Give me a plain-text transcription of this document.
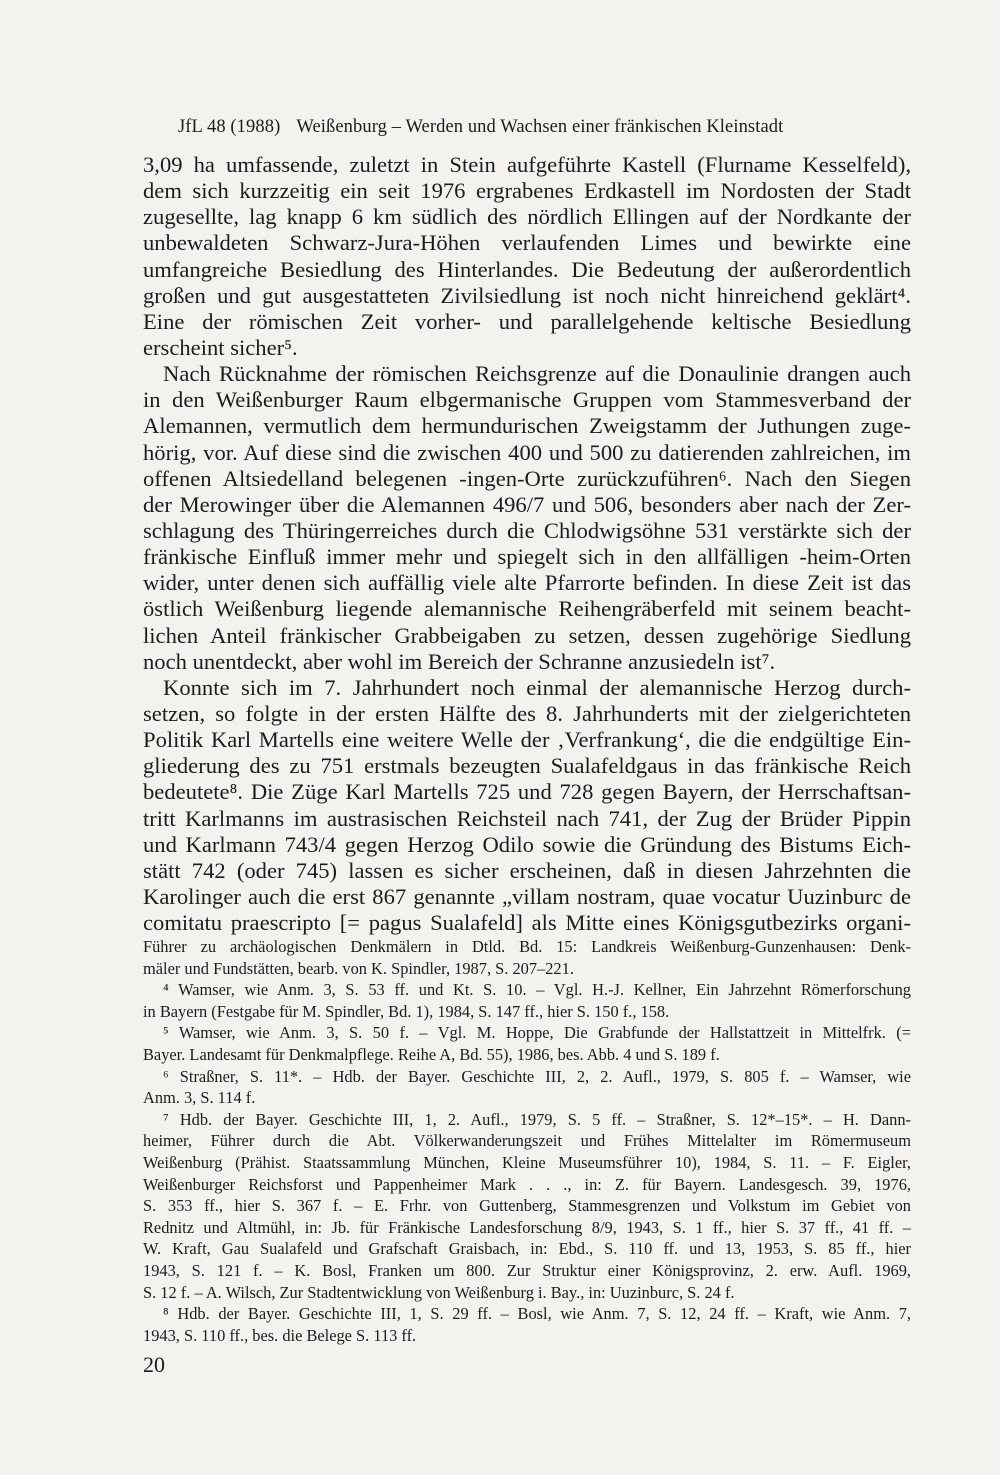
JfL 48 (1988) Weißenburg – Werden und Wachsen einer fränkischen Kleinstadt
3,09 ha umfassende, zuletzt in Stein aufgeführte Kastell (Flurname Kesselfeld),
dem sich kurzzeitig ein seit 1976 ergrabenes Erdkastell im Nordosten der Stadt
zugesellte, lag knapp 6 km südlich des nördlich Ellingen auf der Nordkante der
unbewaldeten Schwarz-Jura-Höhen verlaufenden Limes und bewirkte eine
umfangreiche Besiedlung des Hinterlandes. Die Bedeutung der außerordentlich
großen und gut ausgestatteten Zivilsiedlung ist noch nicht hinreichend geklärt⁴.
Eine der römischen Zeit vorher- und parallelgehende keltische Besiedlung
erscheint sicher⁵.
Nach Rücknahme der römischen Reichsgrenze auf die Donaulinie drangen auch
in den Weißenburger Raum elbgermanische Gruppen vom Stammesverband der
Alemannen, vermutlich dem hermundurischen Zweigstamm der Juthungen zuge-
hörig, vor. Auf diese sind die zwischen 400 und 500 zu datierenden zahlreichen, im
offenen Altsiedelland belegenen -ingen-Orte zurückzuführen⁶. Nach den Siegen
der Merowinger über die Alemannen 496/7 und 506, besonders aber nach der Zer-
schlagung des Thüringerreiches durch die Chlodwigsöhne 531 verstärkte sich der
fränkische Einfluß immer mehr und spiegelt sich in den allfälligen -heim-Orten
wider, unter denen sich auffällig viele alte Pfarrorte befinden. In diese Zeit ist das
östlich Weißenburg liegende alemannische Reihengräberfeld mit seinem beacht-
lichen Anteil fränkischer Grabbeigaben zu setzen, dessen zugehörige Siedlung
noch unentdeckt, aber wohl im Bereich der Schranne anzusiedeln ist⁷.
Konnte sich im 7. Jahrhundert noch einmal der alemannische Herzog durch-
setzen, so folgte in der ersten Hälfte des 8. Jahrhunderts mit der zielgerichteten
Politik Karl Martells eine weitere Welle der ‚Verfrankung‘, die die endgültige Ein-
gliederung des zu 751 erstmals bezeugten Sualafeldgaus in das fränkische Reich
bedeutete⁸. Die Züge Karl Martells 725 und 728 gegen Bayern, der Herrschaftsan-
tritt Karlmanns im austrasischen Reichsteil nach 741, der Zug der Brüder Pippin
und Karlmann 743/4 gegen Herzog Odilo sowie die Gründung des Bistums Eich-
stätt 742 (oder 745) lassen es sicher erscheinen, daß in diesen Jahrzehnten die
Karolinger auch die erst 867 genannte „villam nostram, quae vocatur Uuzinburc de
comitatu praescripto [= pagus Sualafeld] als Mitte eines Königsgutbezirks organi-
Führer zu archäologischen Denkmälern in Dtld. Bd. 15: Landkreis Weißenburg-Gunzenhausen: Denk-
mäler und Fundstätten, bearb. von K. Spindler, 1987, S. 207–221.
⁴ Wamser, wie Anm. 3, S. 53 ff. und Kt. S. 10. – Vgl. H.-J. Kellner, Ein Jahrzehnt Römerforschung
in Bayern (Festgabe für M. Spindler, Bd. 1), 1984, S. 147 ff., hier S. 150 f., 158.
⁵ Wamser, wie Anm. 3, S. 50 f. – Vgl. M. Hoppe, Die Grabfunde der Hallstattzeit in Mittelfrk. (=
Bayer. Landesamt für Denkmalpflege. Reihe A, Bd. 55), 1986, bes. Abb. 4 und S. 189 f.
⁶ Straßner, S. 11*. – Hdb. der Bayer. Geschichte III, 2, 2. Aufl., 1979, S. 805 f. – Wamser, wie
Anm. 3, S. 114 f.
⁷ Hdb. der Bayer. Geschichte III, 1, 2. Aufl., 1979, S. 5 ff. – Straßner, S. 12*–15*. – H. Dann-
heimer, Führer durch die Abt. Völkerwanderungszeit und Frühes Mittelalter im Römermuseum
Weißenburg (Prähist. Staatssammlung München, Kleine Museumsführer 10), 1984, S. 11. – F. Eigler,
Weißenburger Reichsforst und Pappenheimer Mark . . ., in: Z. für Bayern. Landesgesch. 39, 1976,
S. 353 ff., hier S. 367 f. – E. Frhr. von Guttenberg, Stammesgrenzen und Volkstum im Gebiet von
Rednitz und Altmühl, in: Jb. für Fränkische Landesforschung 8/9, 1943, S. 1 ff., hier S. 37 ff., 41 ff. –
W. Kraft, Gau Sualafeld und Grafschaft Graisbach, in: Ebd., S. 110 ff. und 13, 1953, S. 85 ff., hier
1943, S. 121 f. – K. Bosl, Franken um 800. Zur Struktur einer Königsprovinz, 2. erw. Aufl. 1969,
S. 12 f. – A. Wilsch, Zur Stadtentwicklung von Weißenburg i. Bay., in: Uuzinburc, S. 24 f.
⁸ Hdb. der Bayer. Geschichte III, 1, S. 29 ff. – Bosl, wie Anm. 7, S. 12, 24 ff. – Kraft, wie Anm. 7,
1943, S. 110 ff., bes. die Belege S. 113 ff.
20
